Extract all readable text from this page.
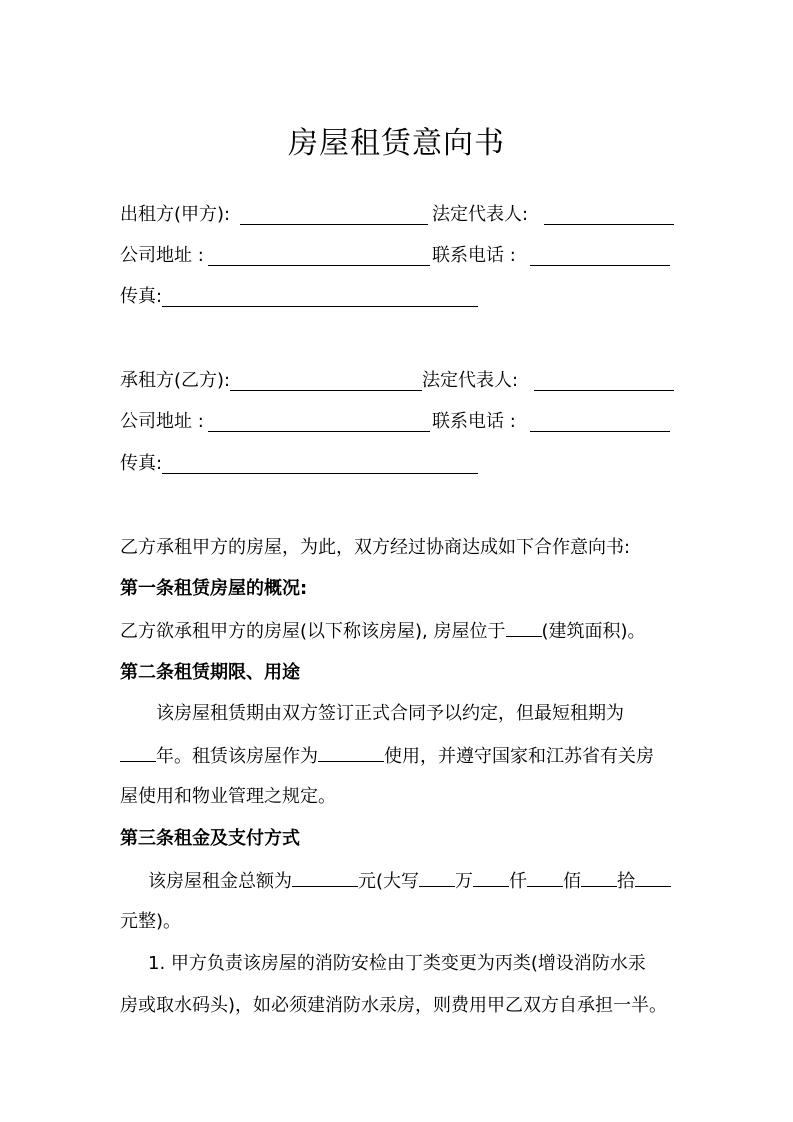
房屋租赁意向书
出租方(甲方):	法定代表人:
公司地址 :	联系电话 :
传真:
承租方(乙方):	法定代表人:
公司地址 :	联系电话 :
传真:
乙方承租甲方的房屋，为此，双方经过协商达成如下合作意向书:
第一条租赁房屋的概况:
乙方欲承租甲方的房屋(以下称该房屋), 房屋位于 (建筑面积)。
第二条租赁期限、用途
该房屋租赁期由双方签订正式合同予以约定，但最短租期为
年。租赁该房屋作为	使用，并遵守国家和江苏省有关房
屋使用和物业管理之规定。
第三条租金及支付方式
该房屋租金总额为	元(大写 万 仟 佰 拾
元整)。
1. 甲方负责该房屋的消防安检由丁类变更为丙类(增设消防水汞
房或取水码头)，如必须建消防水汞房，则费用甲乙双方自承担一半。
